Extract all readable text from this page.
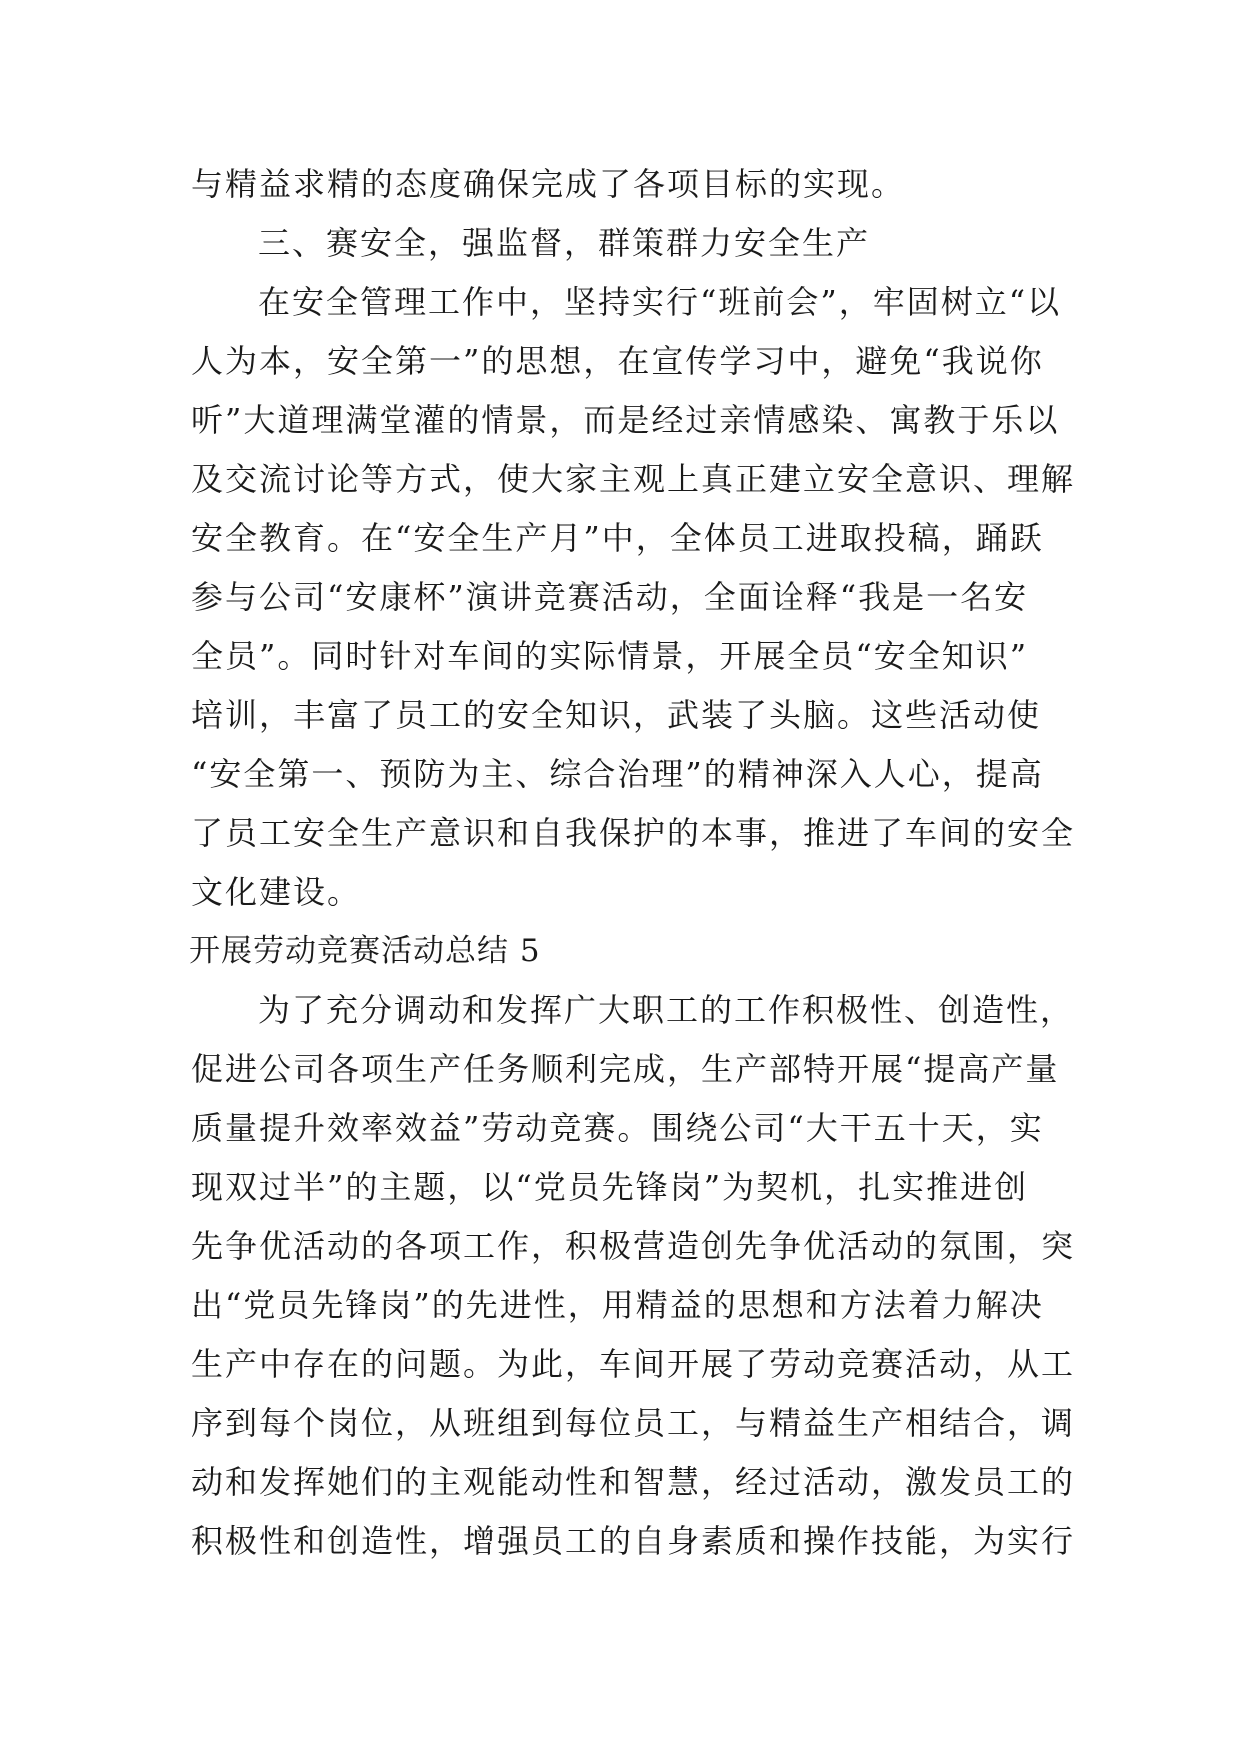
与精益求精的态度确保完成了各项目标的实现。
三、赛安全，强监督，群策群力安全生产
在安全管理工作中，坚持实行“班前会”，牢固树立“以
人为本，安全第一”的思想，在宣传学习中，避免“我说你
听”大道理满堂灌的情景，而是经过亲情感染、寓教于乐以
及交流讨论等方式，使大家主观上真正建立安全意识、理解
安全教育。在“安全生产月”中，全体员工进取投稿，踊跃
参与公司“安康杯”演讲竞赛活动，全面诠释“我是一名安
全员”。同时针对车间的实际情景，开展全员“安全知识”
培训，丰富了员工的安全知识，武装了头脑。这些活动使
“安全第一、预防为主、综合治理”的精神深入人心，提高
了员工安全生产意识和自我保护的本事，推进了车间的安全
文化建设。
开展劳动竞赛活动总结 5
为了充分调动和发挥广大职工的工作积极性、创造性，
促进公司各项生产任务顺利完成，生产部特开展“提高产量
质量提升效率效益”劳动竞赛。围绕公司“大干五十天，实
现双过半”的主题，以“党员先锋岗”为契机，扎实推进创
先争优活动的各项工作，积极营造创先争优活动的氛围，突
出“党员先锋岗”的先进性，用精益的思想和方法着力解决
生产中存在的问题。为此，车间开展了劳动竞赛活动，从工
序到每个岗位，从班组到每位员工，与精益生产相结合，调
动和发挥她们的主观能动性和智慧，经过活动，激发员工的
积极性和创造性，增强员工的自身素质和操作技能，为实行
